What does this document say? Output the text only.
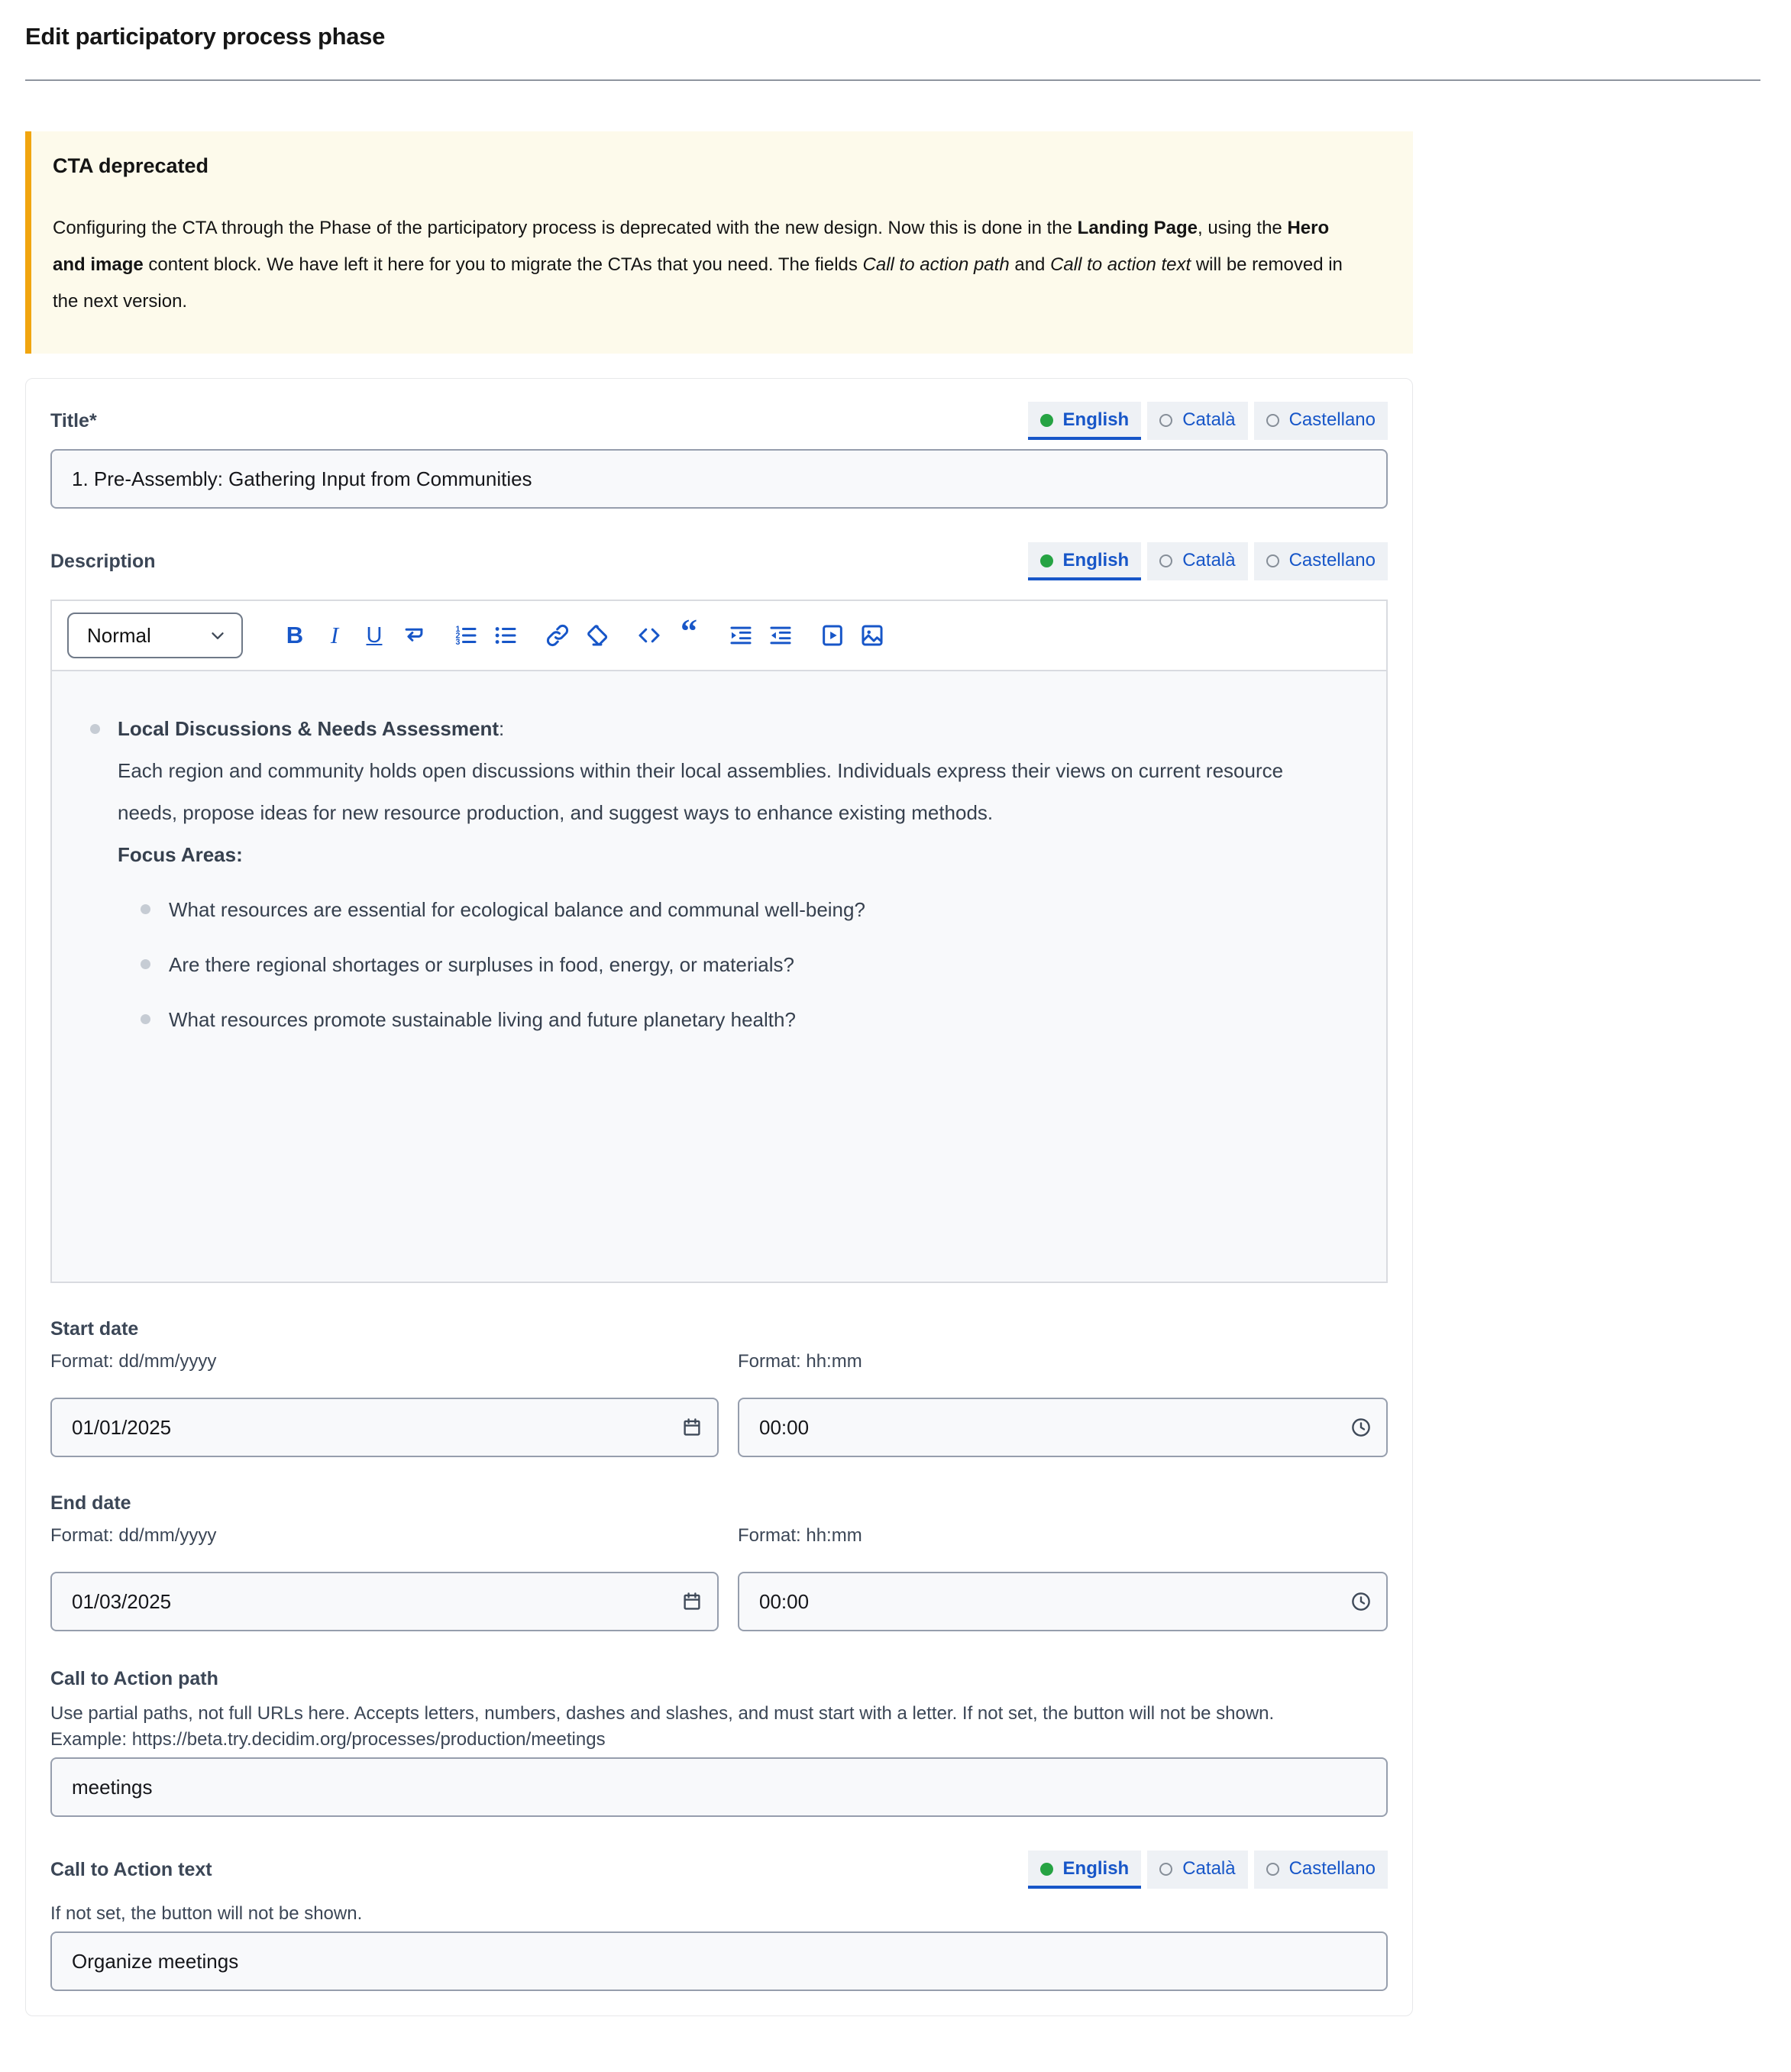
Edit participatory process phase
CTA deprecated

Configuring the CTA through the Phase of the participatory process is deprecated with the new design. Now this is done in the Landing Page, using the Hero and image content block. We have left it here for you to migrate the CTAs that you need. The fields Call to action path and Call to action text will be removed in the next version.

Title*	English	Català	Castellano
1. Pre-Assembly: Gathering Input from Communities
Description	English	Català	Castellano
Normal	B I U	1
2
3	“
Local Discussions & Needs Assessment:
Each region and community holds open discussions within their local assemblies. Individuals express their views on current resource needs, propose ideas for new resource production, and suggest ways to enhance existing methods.
Focus Areas:
What resources are essential for ecological balance and communal well-being?
Are there regional shortages or surpluses in food, energy, or materials?
What resources promote sustainable living and future planetary health?
Start date
Format: dd/mm/yyyy	Format: hh:mm
01/01/2025
00:00
End date
Format: dd/mm/yyyy	Format: hh:mm
01/03/2025
00:00
Call to Action path
Use partial paths, not full URLs here. Accepts letters, numbers, dashes and slashes, and must start with a letter. If not set, the button will not be shown.
Example: https://beta.try.decidim.org/processes/production/meetings
meetings
Call to Action text	English	Català	Castellano
If not set, the button will not be shown.
Organize meetings
